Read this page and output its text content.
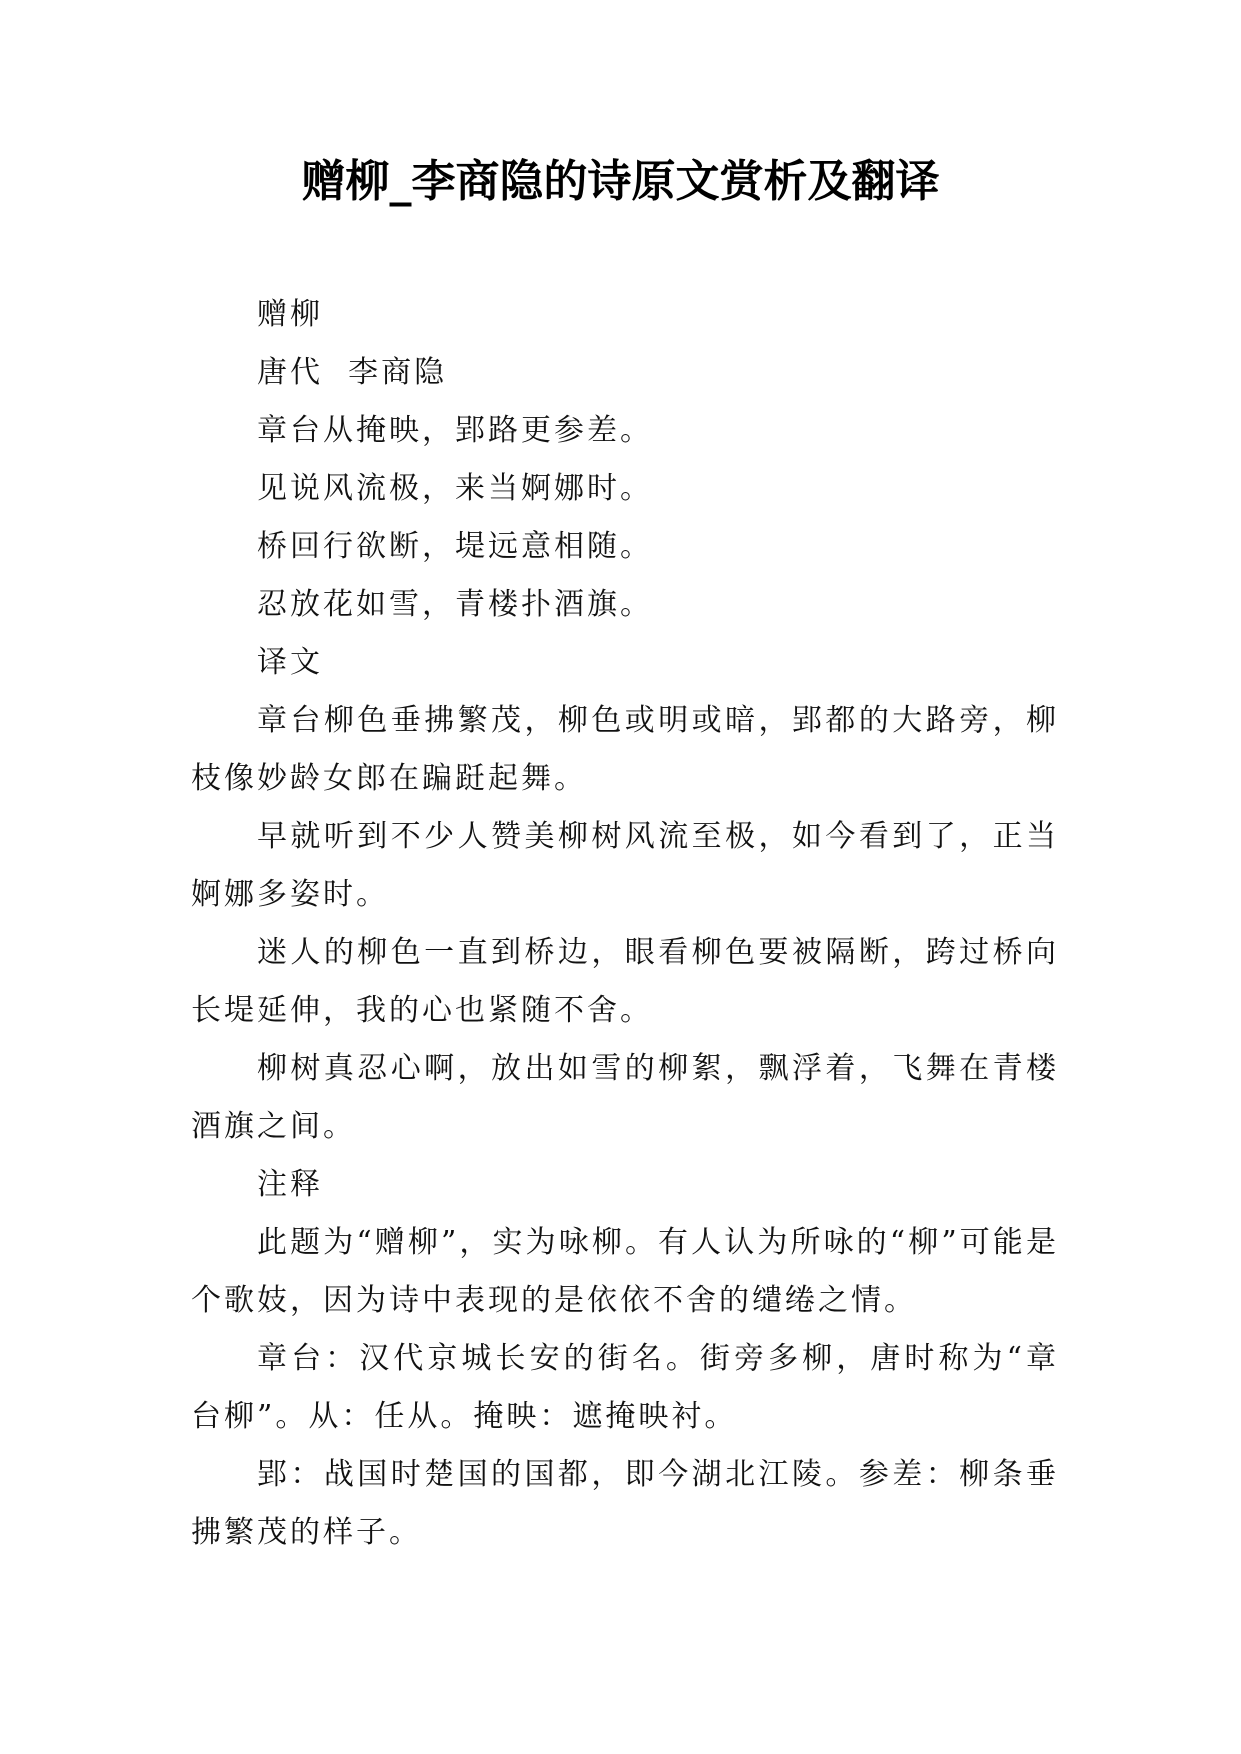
赠柳_李商隐的诗原文赏析及翻译

赠柳

唐代  李商隐

章台从掩映，郢路更参差。

见说风流极，来当婀娜时。

桥回行欲断，堤远意相随。

忍放花如雪，青楼扑酒旗。

译文

章台柳色垂拂繁茂，柳色或明或暗，郢都的大路旁，柳枝像妙龄女郎在蹁跹起舞。

早就听到不少人赞美柳树风流至极，如今看到了，正当婀娜多姿时。

迷人的柳色一直到桥边，眼看柳色要被隔断，跨过桥向长堤延伸，我的心也紧随不舍。

柳树真忍心啊，放出如雪的柳絮，飘浮着，飞舞在青楼酒旗之间。

注释

此题为“赠柳”，实为咏柳。有人认为所咏的“柳”可能是个歌妓，因为诗中表现的是依依不舍的缱绻之情。

章台：汉代京城长安的街名。街旁多柳，唐时称为“章台柳”。从：任从。掩映：遮掩映衬。

郢：战国时楚国的国都，即今湖北江陵。参差：柳条垂拂繁茂的样子。
